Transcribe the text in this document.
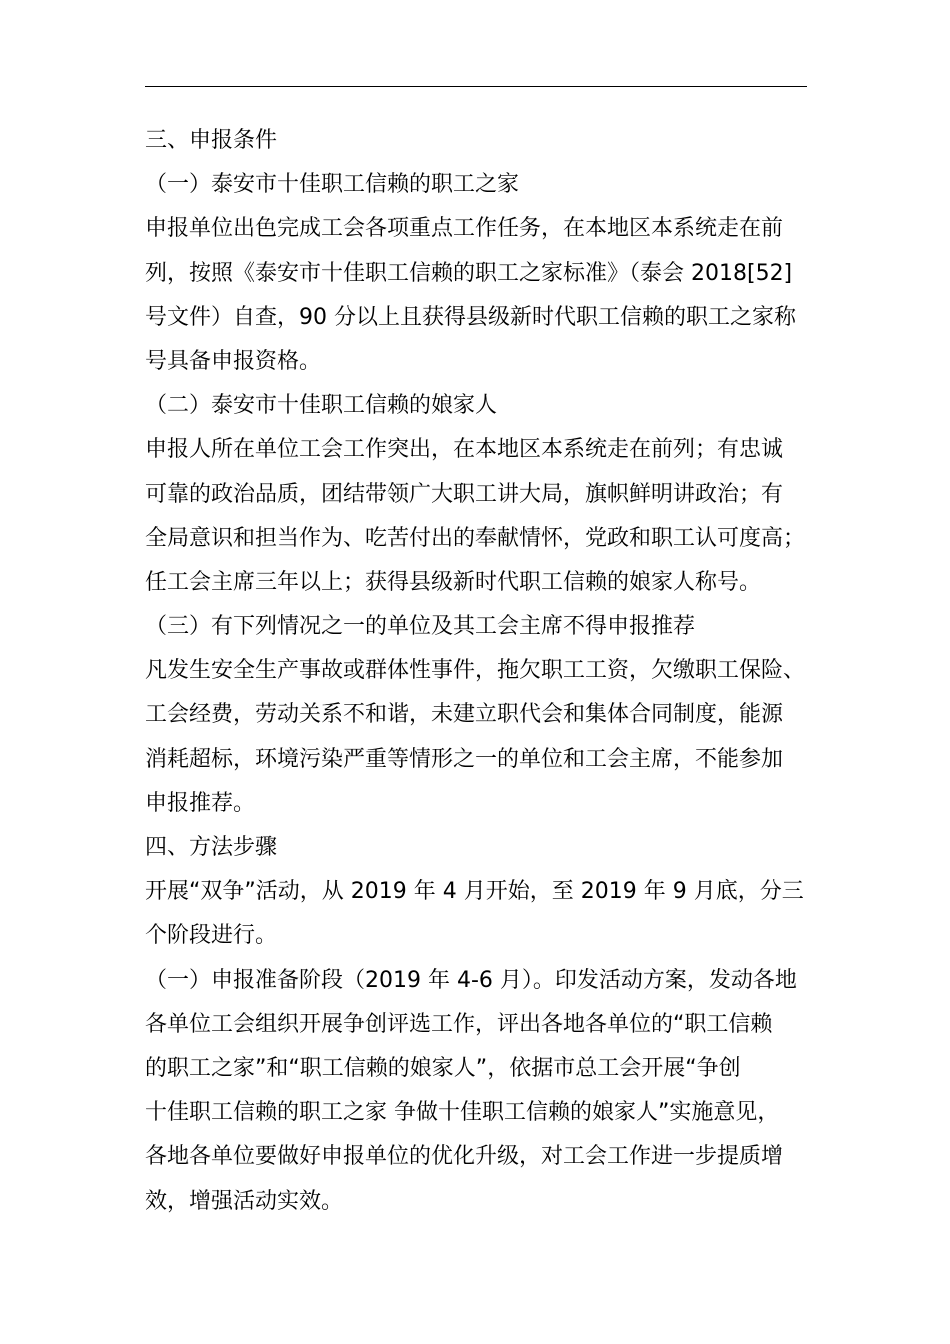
三、申报条件
（一）泰安市十佳职工信赖的职工之家
申报单位出色完成工会各项重点工作任务，在本地区本系统走在前
列，按照《泰安市十佳职工信赖的职工之家标准》（泰会 2018[52]
号文件）自查，90 分以上且获得县级新时代职工信赖的职工之家称
号具备申报资格。
（二）泰安市十佳职工信赖的娘家人
申报人所在单位工会工作突出，在本地区本系统走在前列；有忠诚
可靠的政治品质，团结带领广大职工讲大局，旗帜鲜明讲政治；有
全局意识和担当作为、吃苦付出的奉献情怀，党政和职工认可度高；
任工会主席三年以上；获得县级新时代职工信赖的娘家人称号。
（三）有下列情况之一的单位及其工会主席不得申报推荐
凡发生安全生产事故或群体性事件，拖欠职工工资，欠缴职工保险、
工会经费，劳动关系不和谐，未建立职代会和集体合同制度，能源
消耗超标，环境污染严重等情形之一的单位和工会主席，不能参加
申报推荐。
四、方法步骤
开展“双争”活动，从 2019 年 4 月开始，至 2019 年 9 月底，分三
个阶段进行。
（一）申报准备阶段（2019 年 4-6 月）。印发活动方案，发动各地
各单位工会组织开展争创评选工作，评出各地各单位的“职工信赖
的职工之家”和“职工信赖的娘家人”，依据市总工会开展“争创
十佳职工信赖的职工之家 争做十佳职工信赖的娘家人”实施意见，
各地各单位要做好申报单位的优化升级，对工会工作进一步提质增
效，增强活动实效。
